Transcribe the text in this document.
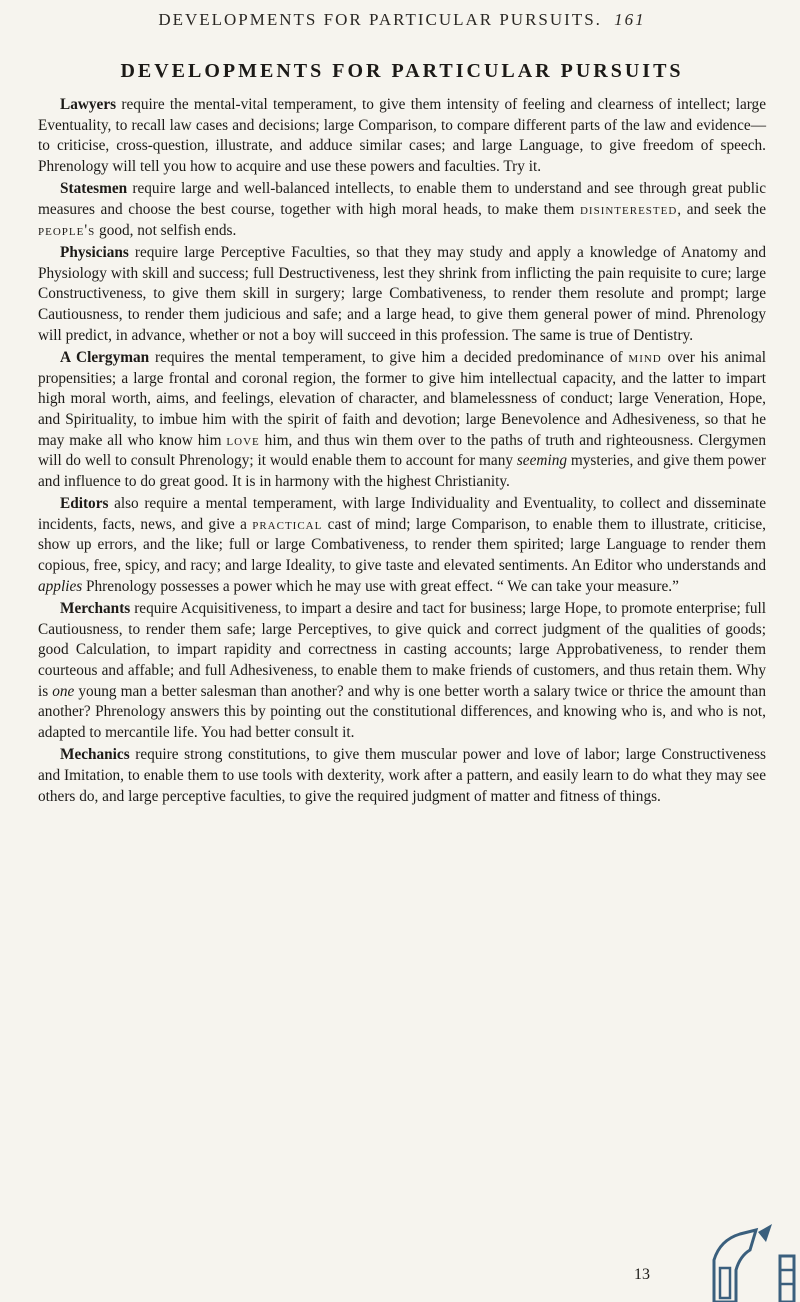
DEVELOPMENTS FOR PARTICULAR PURSUITS. 161

DEVELOPMENTS FOR PARTICULAR PURSUITS

Lawyers require the mental-vital temperament, to give them intensity of feeling and clearness of intellect; large Eventuality, to recall law cases and decisions; large Comparison, to compare different parts of the law and evidence—to criticise, cross-question, illustrate, and adduce similar cases; and large Language, to give freedom of speech. Phrenology will tell you how to acquire and use these powers and faculties. Try it.

Statesmen require large and well-balanced intellects, to enable them to understand and see through great public measures and choose the best course, together with high moral heads, to make them disinterested, and seek the people's good, not selfish ends.

Physicians require large Perceptive Faculties, so that they may study and apply a knowledge of Anatomy and Physiology with skill and success; full Destructiveness, lest they shrink from inflicting the pain requisite to cure; large Constructiveness, to give them skill in surgery; large Combativeness, to render them resolute and prompt; large Cautiousness, to render them judicious and safe; and a large head, to give them general power of mind. Phrenology will predict, in advance, whether or not a boy will succeed in this profession. The same is true of Dentistry.

A Clergyman requires the mental temperament, to give him a decided predominance of mind over his animal propensities; a large frontal and coronal region, the former to give him intellectual capacity, and the latter to impart high moral worth, aims, and feelings, elevation of character, and blamelessness of conduct; large Veneration, Hope, and Spirituality, to imbue him with the spirit of faith and devotion; large Benevolence and Adhesiveness, so that he may make all who know him love him, and thus win them over to the paths of truth and righteousness. Clergymen will do well to consult Phrenology; it would enable them to account for many seeming mysteries, and give them power and influence to do great good. It is in harmony with the highest Christianity.

Editors also require a mental temperament, with large Individuality and Eventuality, to collect and disseminate incidents, facts, news, and give a practical cast of mind; large Comparison, to enable them to illustrate, criticise, show up errors, and the like; full or large Combativeness, to render them spirited; large Language to render them copious, free, spicy, and racy; and large Ideality, to give taste and elevated sentiments. An Editor who understands and applies Phrenology possesses a power which he may use with great effect. “ We can take your measure.”

Merchants require Acquisitiveness, to impart a desire and tact for business; large Hope, to promote enterprise; full Cautiousness, to render them safe; large Perceptives, to give quick and correct judgment of the qualities of goods; good Calculation, to impart rapidity and correctness in casting accounts; large Approbativeness, to render them courteous and affable; and full Adhesiveness, to enable them to make friends of customers, and thus retain them. Why is one young man a better salesman than another? and why is one better worth a salary twice or thrice the amount than another? Phrenology answers this by pointing out the constitutional differences, and knowing who is, and who is not, adapted to mercantile life. You had better consult it.

Mechanics require strong constitutions, to give them muscular power and love of labor; large Constructiveness and Imitation, to enable them to use tools with dexterity, work after a pattern, and easily learn to do what they may see others do, and large perceptive faculties, to give the required judgment of matter and fitness of things.

13
